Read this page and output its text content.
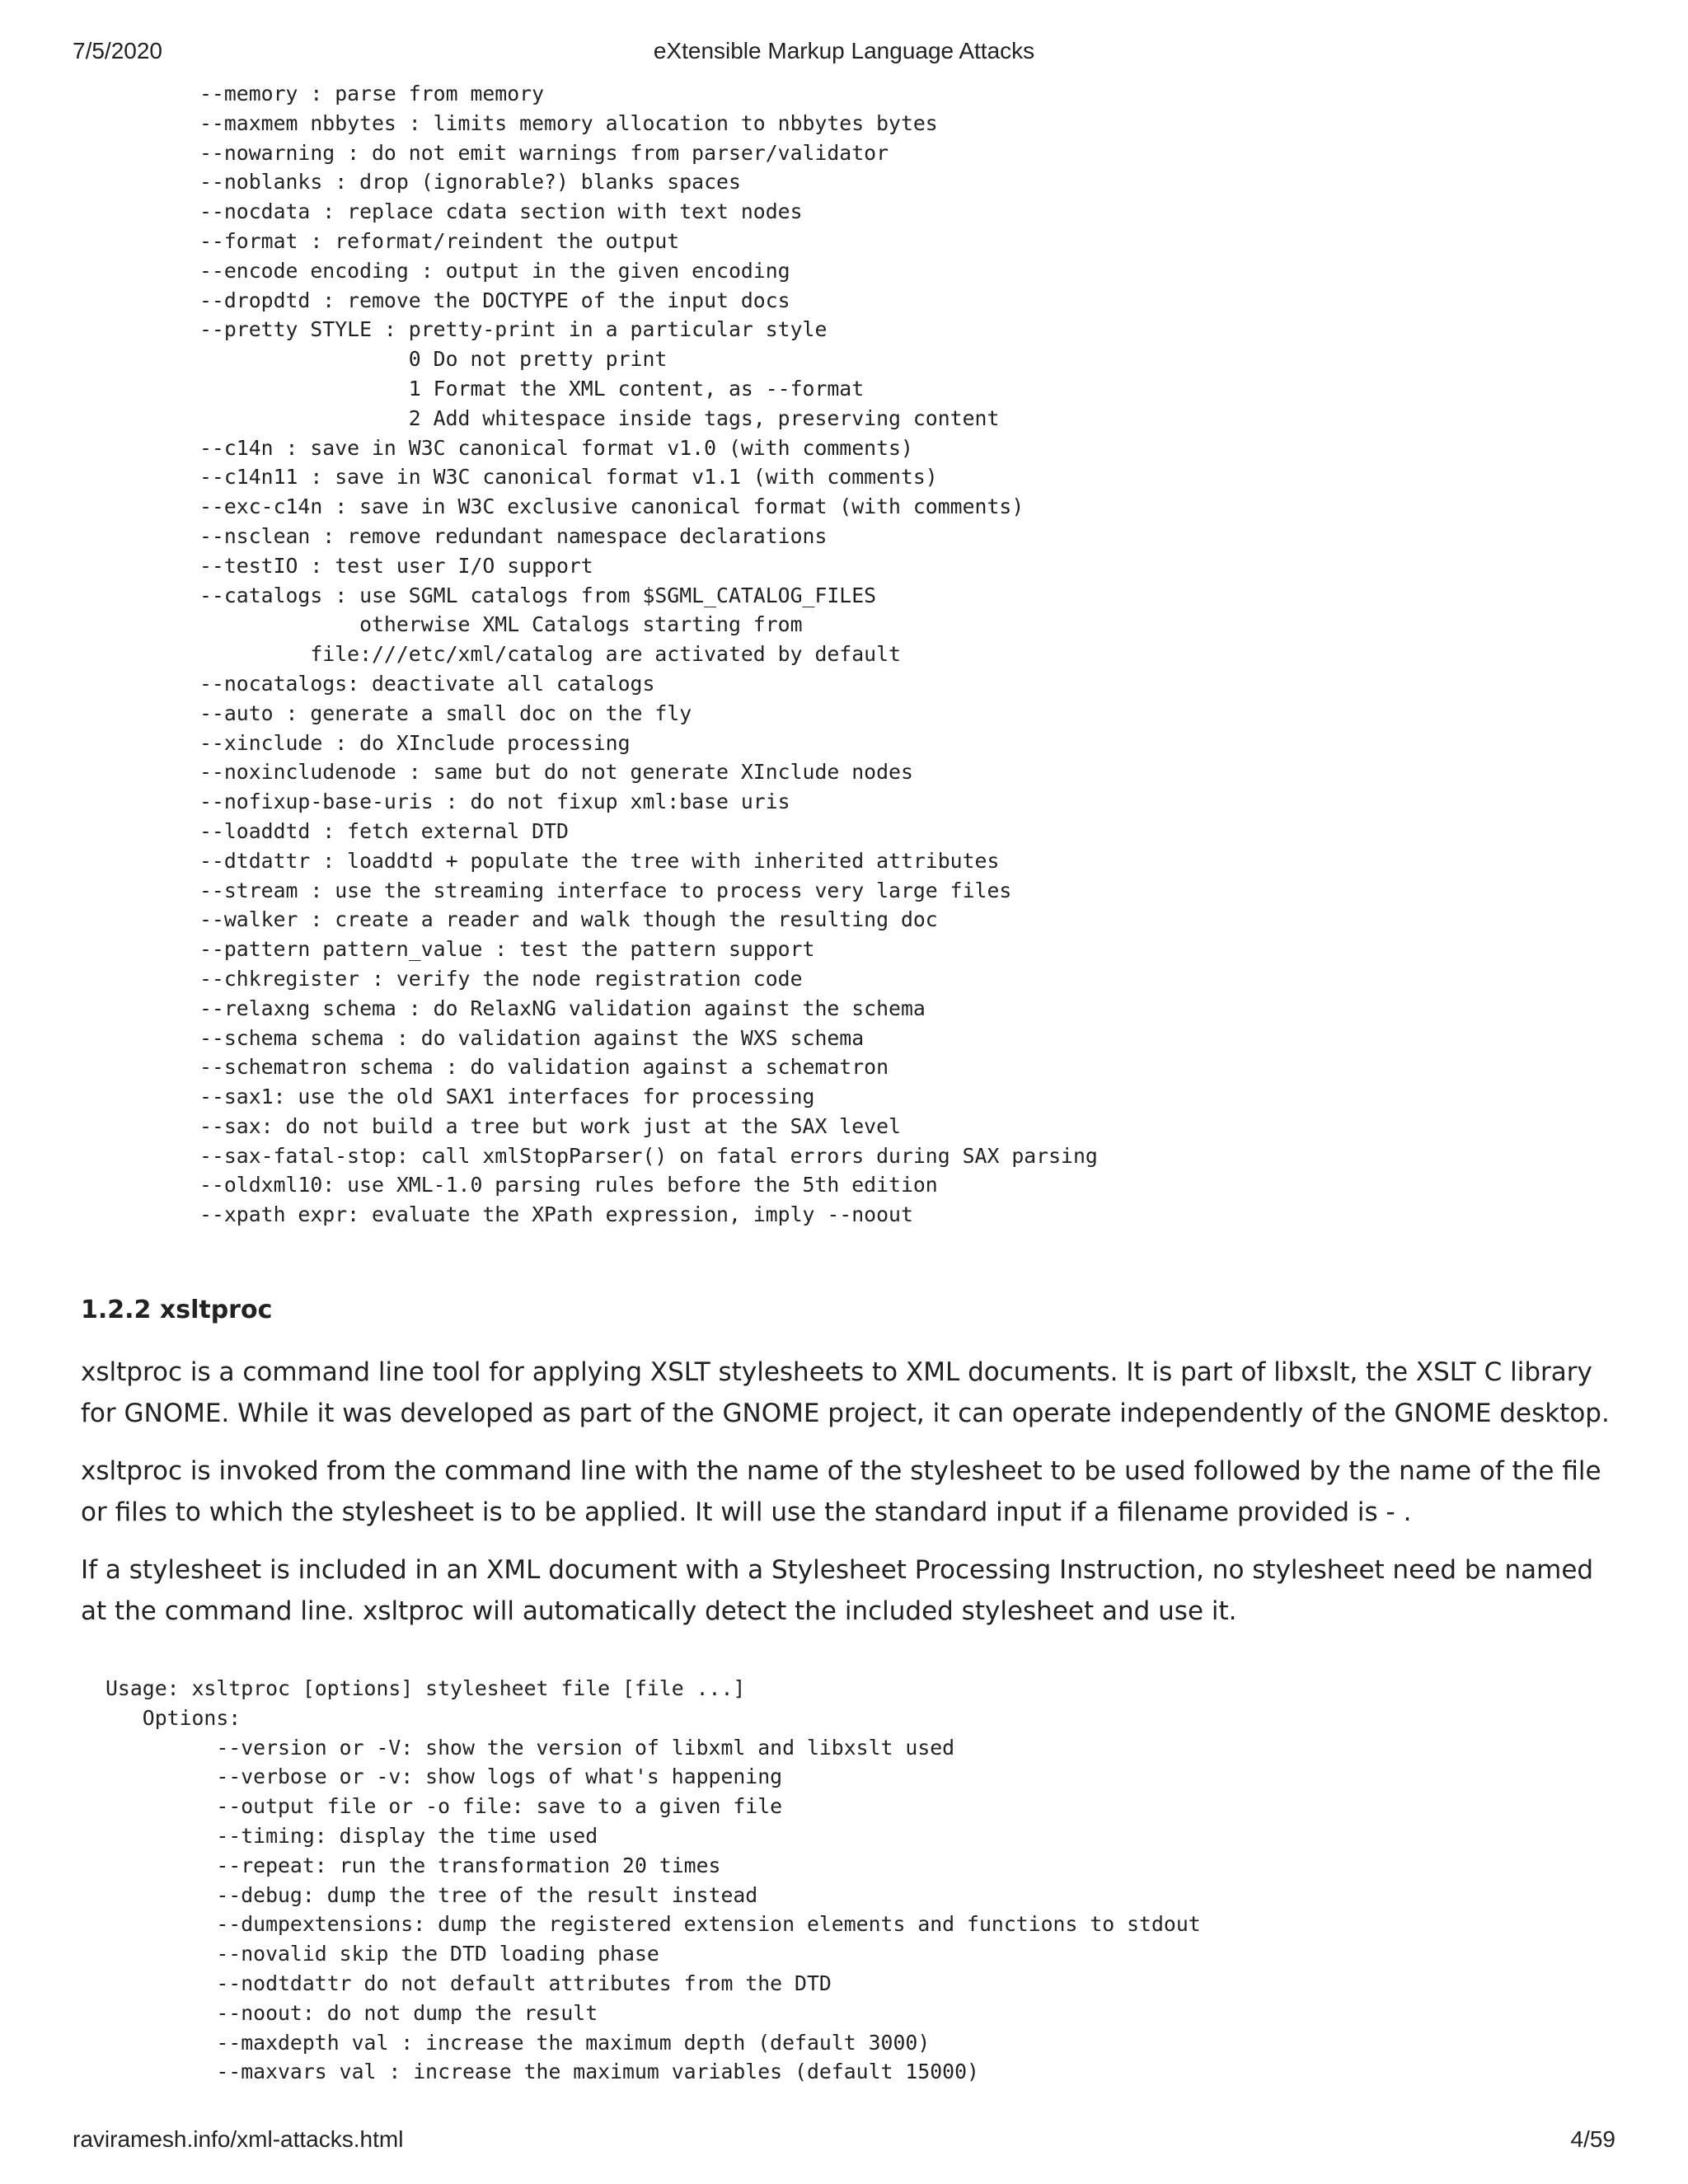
7/5/2020	eXtensible Markup Language Attacks
--memory : parse from memory
--maxmem nbbytes : limits memory allocation to nbbytes bytes
--nowarning : do not emit warnings from parser/validator
--noblanks : drop (ignorable?) blanks spaces
--nocdata : replace cdata section with text nodes
--format : reformat/reindent the output
--encode encoding : output in the given encoding
--dropdtd : remove the DOCTYPE of the input docs
--pretty STYLE : pretty-print in a particular style
0 Do not pretty print
1 Format the XML content, as --format
2 Add whitespace inside tags, preserving content
--c14n : save in W3C canonical format v1.0 (with comments)
--c14n11 : save in W3C canonical format v1.1 (with comments)
--exc-c14n : save in W3C exclusive canonical format (with comments)
--nsclean : remove redundant namespace declarations
--testIO : test user I/O support
--catalogs : use SGML catalogs from $SGML_CATALOG_FILES
otherwise XML Catalogs starting from
file:///etc/xml/catalog are activated by default
--nocatalogs: deactivate all catalogs
--auto : generate a small doc on the fly
--xinclude : do XInclude processing
--noxincludenode : same but do not generate XInclude nodes
--nofixup-base-uris : do not fixup xml:base uris
--loaddtd : fetch external DTD
--dtdattr : loaddtd + populate the tree with inherited attributes
--stream : use the streaming interface to process very large files
--walker : create a reader and walk though the resulting doc
--pattern pattern_value : test the pattern support
--chkregister : verify the node registration code
--relaxng schema : do RelaxNG validation against the schema
--schema schema : do validation against the WXS schema
--schematron schema : do validation against a schematron
--sax1: use the old SAX1 interfaces for processing
--sax: do not build a tree but work just at the SAX level
--sax-fatal-stop: call xmlStopParser() on fatal errors during SAX parsing
--oldxml10: use XML-1.0 parsing rules before the 5th edition
--xpath expr: evaluate the XPath expression, imply --noout
1.2.2 xsltproc

xsltproc is a command line tool for applying XSLT stylesheets to XML documents. It is part of libxslt, the XSLT C library for GNOME. While it was developed as part of the GNOME project, it can operate independently of the GNOME desktop.

xsltproc is invoked from the command line with the name of the stylesheet to be used followed by the name of the file or files to which the stylesheet is to be applied. It will use the standard input if a filename provided is - .

If a stylesheet is included in an XML document with a Stylesheet Processing Instruction, no stylesheet need be named at the command line. xsltproc will automatically detect the included stylesheet and use it.

Usage: xsltproc [options] stylesheet file [file ...]
Options:
--version or -V: show the version of libxml and libxslt used
--verbose or -v: show logs of what's happening
--output file or -o file: save to a given file
--timing: display the time used
--repeat: run the transformation 20 times
--debug: dump the tree of the result instead
--dumpextensions: dump the registered extension elements and functions to stdout
--novalid skip the DTD loading phase
--nodtdattr do not default attributes from the DTD
--noout: do not dump the result
--maxdepth val : increase the maximum depth (default 3000)
--maxvars val : increase the maximum variables (default 15000)
raviramesh.info/xml-attacks.html	4/59
